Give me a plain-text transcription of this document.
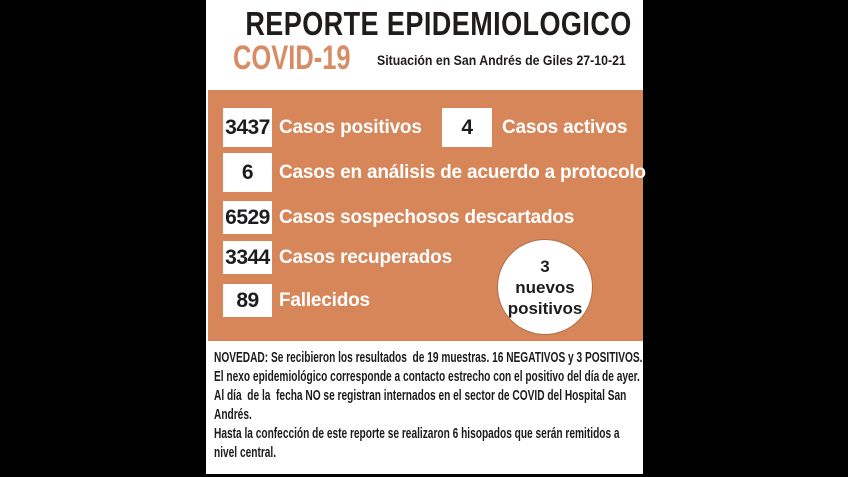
REPORTE EPIDEMIOLOGICO
COVID-19 Situación en San Andrés de Giles 27-10-21
3437 Casos positivos	4	Casos activos
6	Casos en análisis de acuerdo a protocolo
6529 Casos sospechosos descartados
3344 Casos recuperados
89	Fallecidos
3
nuevos
positivos
NOVEDAD: Se recibieron los resultados  de 19 muestras. 16 NEGATIVOS y 3 POSITIVOS.
El nexo epidemiológico corresponde a contacto estrecho con el positivo del día de ayer.
Al día  de la  fecha NO se registran internados en el sector de COVID del Hospital San
Andrés.
Hasta la confección de este reporte se realizaron 6 hisopados que serán remitidos a
nivel central.
